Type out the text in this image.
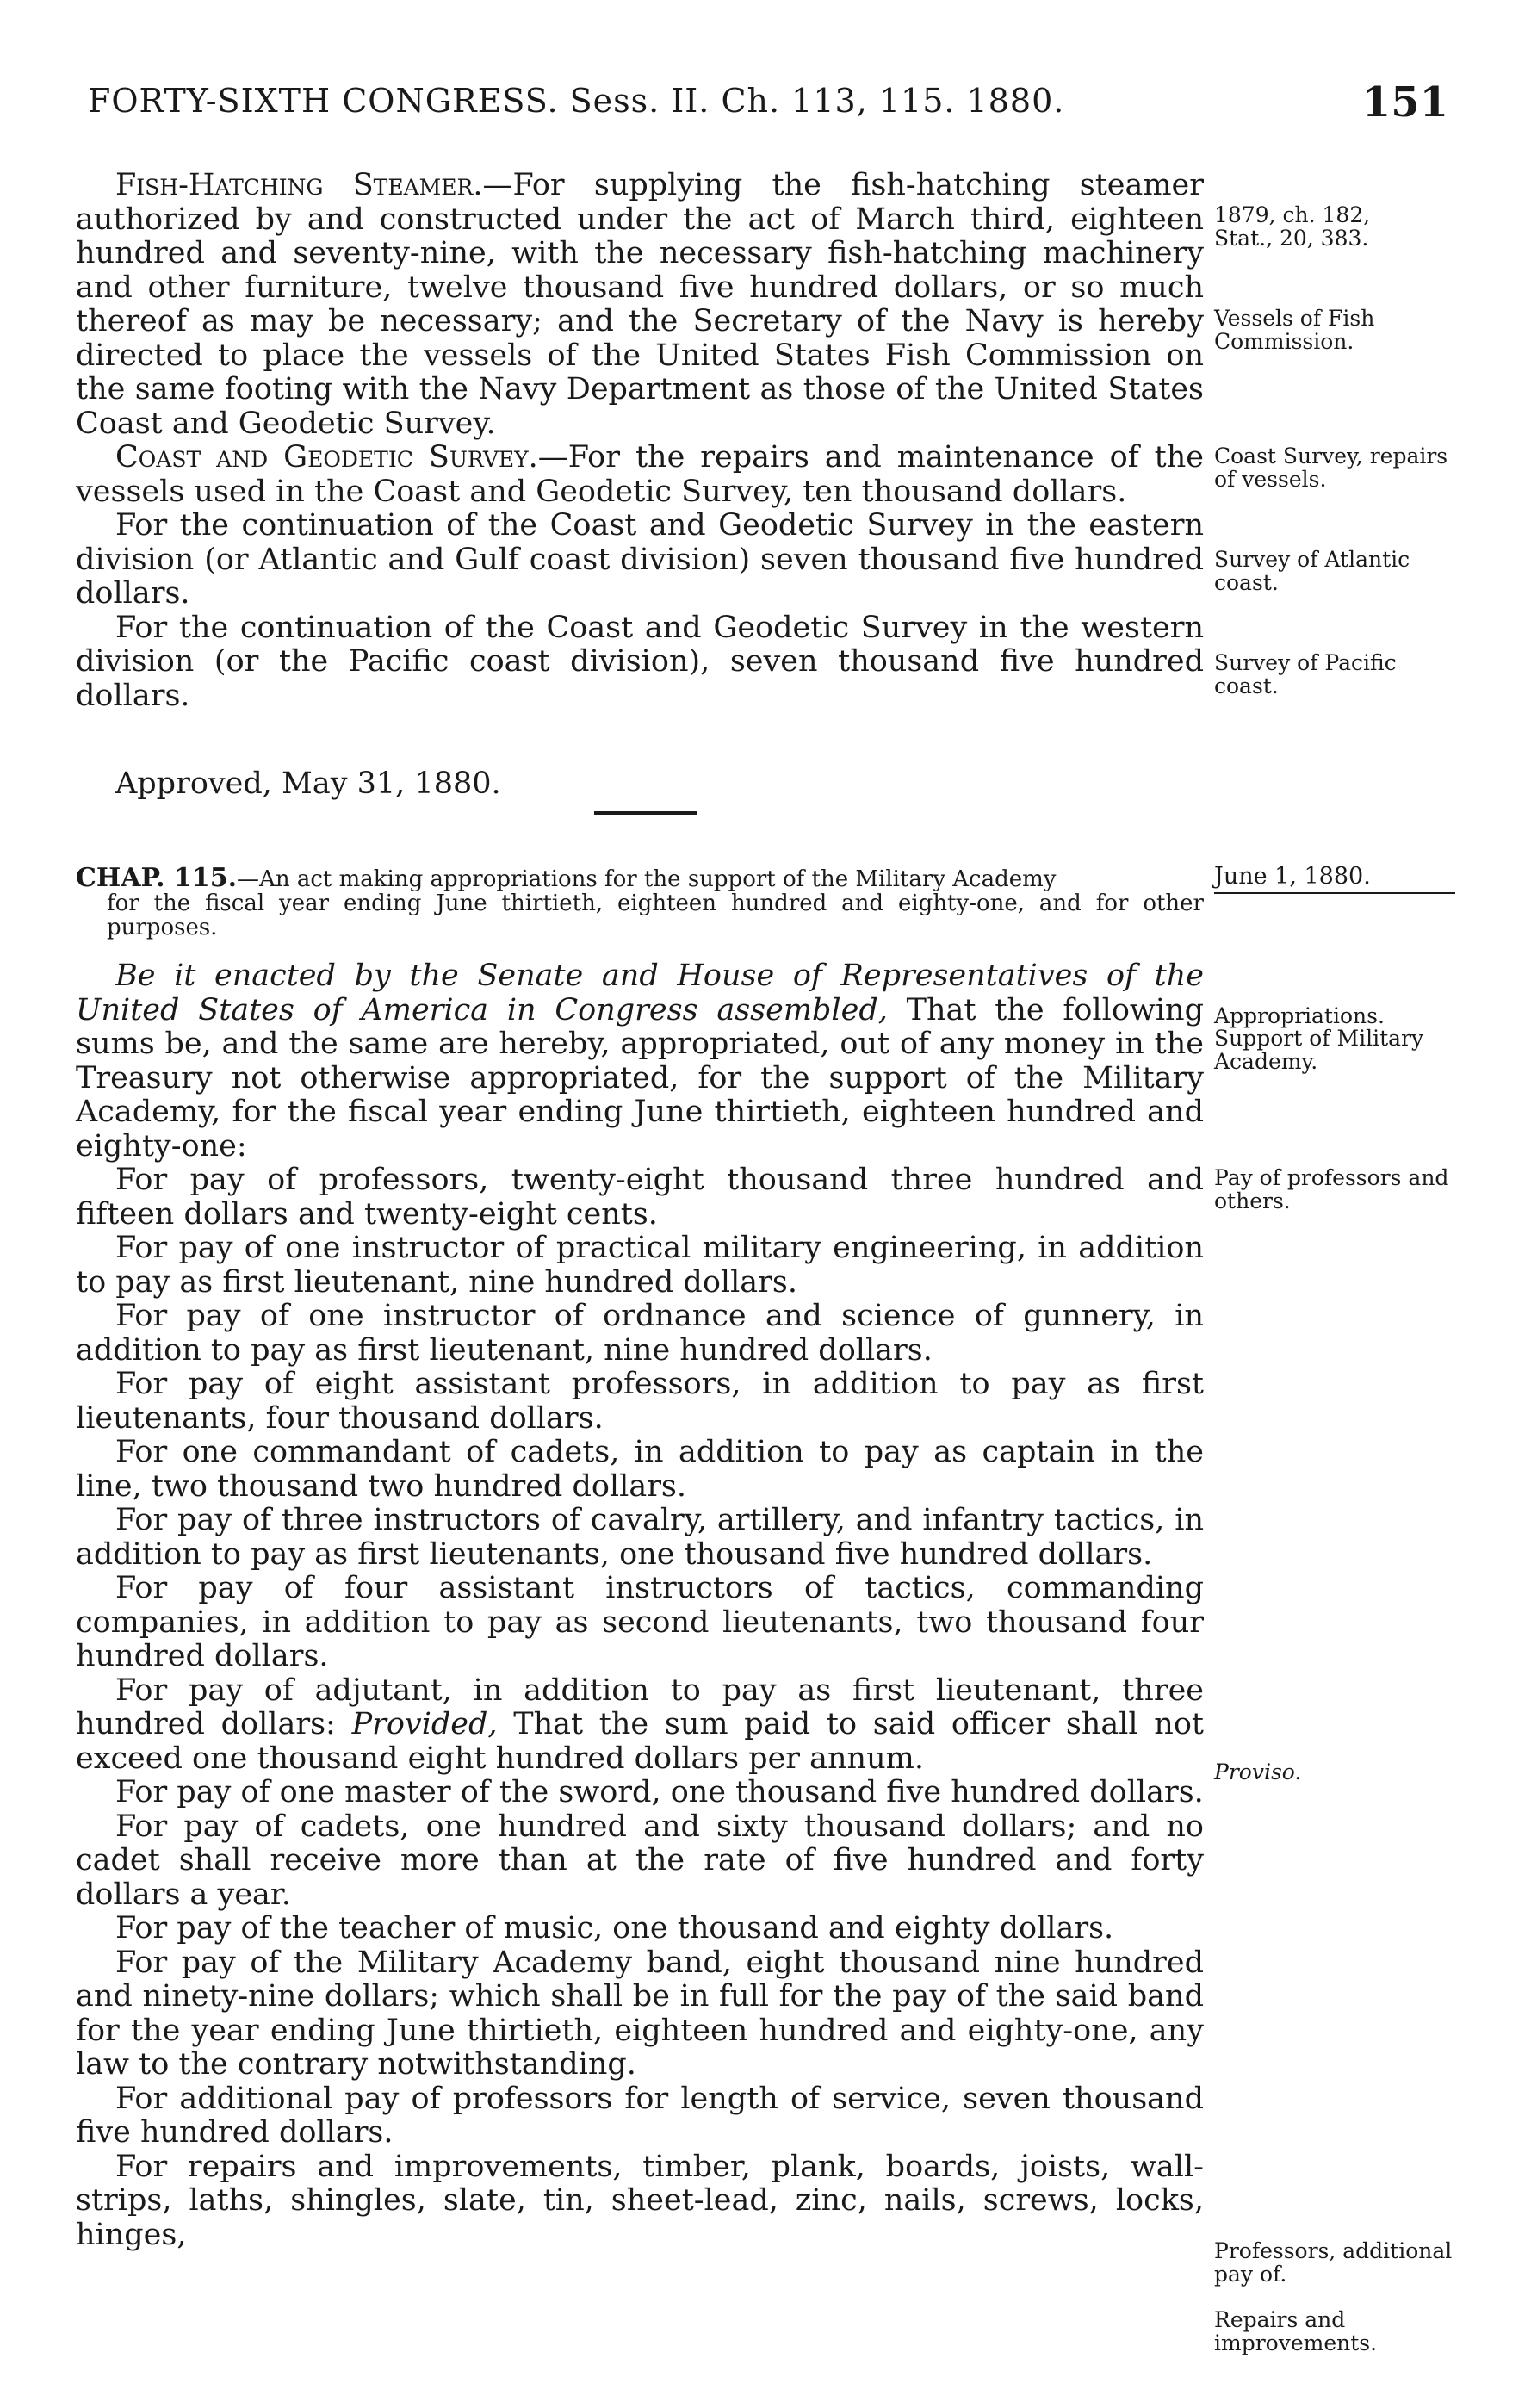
FORTY-SIXTH CONGRESS. Sess. II. Ch. 113, 115. 1880.	151

Fish-Hatching Steamer.—For supplying the fish-hatching steamer authorized by and constructed under the act of March third, eighteen hundred and seventy-nine, with the necessary fish-hatching machinery and other furniture, twelve thousand five hundred dollars, or so much thereof as may be necessary; and the Secretary of the Navy is hereby directed to place the vessels of the United States Fish Commission on the same footing with the Navy Department as those of the United States Coast and Geodetic Survey.

Coast and Geodetic Survey.—For the repairs and maintenance of the vessels used in the Coast and Geodetic Survey, ten thousand dollars.

For the continuation of the Coast and Geodetic Survey in the eastern division (or Atlantic and Gulf coast division) seven thousand five hundred dollars.

For the continuation of the Coast and Geodetic Survey in the western division (or the Pacific coast division), seven thousand five hundred dollars.

Approved, May 31, 1880.
CHAP. 115.—An act making appropriations for the support of the Military Academy
for the fiscal year ending June thirtieth, eighteen hundred and eighty-one, and for other purposes.
June 1, 1880.

Be it enacted by the Senate and House of Representatives of the United States of America in Congress assembled, That the following sums be, and the same are hereby, appropriated, out of any money in the Treasury not otherwise appropriated, for the support of the Military Academy, for the fiscal year ending June thirtieth, eighteen hundred and eighty-one:

For pay of professors, twenty-eight thousand three hundred and fifteen dollars and twenty-eight cents.

For pay of one instructor of practical military engineering, in addition to pay as first lieutenant, nine hundred dollars.

For pay of one instructor of ordnance and science of gunnery, in addition to pay as first lieutenant, nine hundred dollars.

For pay of eight assistant professors, in addition to pay as first lieutenants, four thousand dollars.

For one commandant of cadets, in addition to pay as captain in the line, two thousand two hundred dollars.

For pay of three instructors of cavalry, artillery, and infantry tactics, in addition to pay as first lieutenants, one thousand five hundred dollars.

For pay of four assistant instructors of tactics, commanding companies, in addition to pay as second lieutenants, two thousand four hundred dollars.

For pay of adjutant, in addition to pay as first lieutenant, three hundred dollars: Provided, That the sum paid to said officer shall not exceed one thousand eight hundred dollars per annum.

For pay of one master of the sword, one thousand five hundred dollars.

For pay of cadets, one hundred and sixty thousand dollars; and no cadet shall receive more than at the rate of five hundred and forty dollars a year.

For pay of the teacher of music, one thousand and eighty dollars.

For pay of the Military Academy band, eight thousand nine hundred and ninety-nine dollars; which shall be in full for the pay of the said band for the year ending June thirtieth, eighteen hundred and eighty-one, any law to the contrary notwithstanding.

For additional pay of professors for length of service, seven thousand five hundred dollars.

For repairs and improvements, timber, plank, boards, joists, wall-strips, laths, shingles, slate, tin, sheet-lead, zinc, nails, screws, locks, hinges,

1879, ch. 182,
Stat., 20, 383.
Vessels of Fish Commission.
Coast Survey, repairs of vessels.
Survey of Atlantic coast.
Survey of Pacific coast.
Appropriations.
Support of Military Academy.
Pay of professors and others.
Proviso.
Professors, additional pay of.
Repairs and improvements.
